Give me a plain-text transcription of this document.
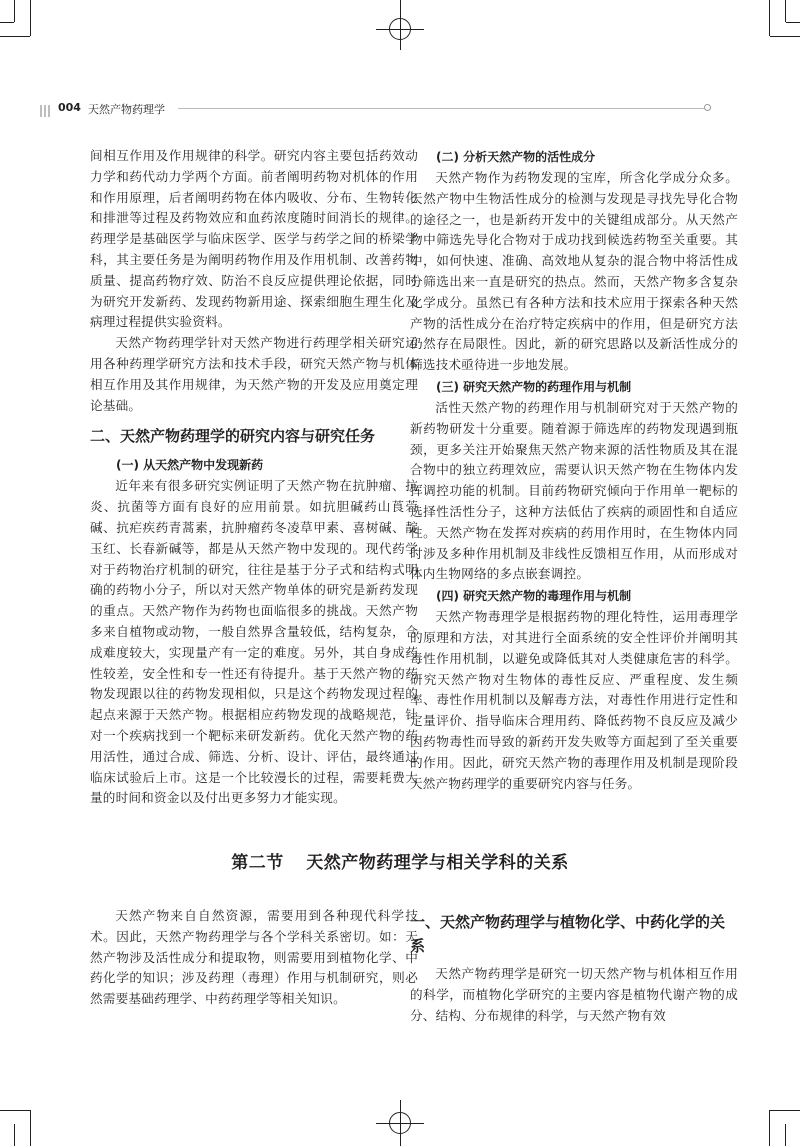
004 天然产物药理学

间相互作用及作用规律的科学。研究内容主要包括药效动力学和药代动力学两个方面。前者阐明药物对机体的作用和作用原理，后者阐明药物在体内吸收、分布、生物转化和排泄等过程及药物效应和血药浓度随时间消长的规律。药理学是基础医学与临床医学、医学与药学之间的桥梁学科，其主要任务是为阐明药物作用及作用机制、改善药物质量、提高药物疗效、防治不良反应提供理论依据，同时为研究开发新药、发现药物新用途、探索细胞生理生化及病理过程提供实验资料。

天然产物药理学针对天然产物进行药理学相关研究运用各种药理学研究方法和技术手段，研究天然产物与机体相互作用及其作用规律，为天然产物的开发及应用奠定理论基础。

二、天然产物药理学的研究内容与研究任务
(一) 从天然产物中发现新药

近年来有很多研究实例证明了天然产物在抗肿瘤、抗炎、抗菌等方面有良好的应用前景。如抗胆碱药山莨菪碱、抗疟疾药青蒿素，抗肿瘤药冬凌草甲素、喜树碱、靛玉红、长春新碱等，都是从天然产物中发现的。现代药学对于药物治疗机制的研究，往往是基于分子式和结构式明确的药物小分子，所以对天然产物单体的研究是新药发现的重点。天然产物作为药物也面临很多的挑战。天然产物多来自植物或动物，一般自然界含量较低，结构复杂，合成难度较大，实现量产有一定的难度。另外，其自身成药性较差，安全性和专一性还有待提升。基于天然产物的药物发现跟以往的药物发现相似，只是这个药物发现过程的起点来源于天然产物。根据相应药物发现的战略规范，针对一个疾病找到一个靶标来研发新药。优化天然产物的药用活性，通过合成、筛选、分析、设计、评估，最终通过临床试验后上市。这是一个比较漫长的过程，需要耗费大量的时间和资金以及付出更多努力才能实现。

(二) 分析天然产物的活性成分

天然产物作为药物发现的宝库，所含化学成分众多。天然产物中生物活性成分的检测与发现是寻找先导化合物的途径之一，也是新药开发中的关键组成部分。从天然产物中筛选先导化合物对于成功找到候选药物至关重要。其中，如何快速、准确、高效地从复杂的混合物中将活性成分筛选出来一直是研究的热点。然而，天然产物多含复杂化学成分。虽然已有各种方法和技术应用于探索各种天然产物的活性成分在治疗特定疾病中的作用，但是研究方法仍然存在局限性。因此，新的研究思路以及新活性成分的筛选技术亟待进一步地发展。

(三) 研究天然产物的药理作用与机制

活性天然产物的药理作用与机制研究对于天然产物的新药物研发十分重要。随着源于筛选库的药物发现遇到瓶颈，更多关注开始聚焦天然产物来源的活性物质及其在混合物中的独立药理效应，需要认识天然产物在生物体内发挥调控功能的机制。目前药物研究倾向于作用单一靶标的选择性活性分子，这种方法低估了疾病的顽固性和自适应性。天然产物在发挥对疾病的药用作用时，在生物体内同时涉及多种作用机制及非线性反馈相互作用，从而形成对体内生物网络的多点嵌套调控。

(四) 研究天然产物的毒理作用与机制

天然产物毒理学是根据药物的理化特性，运用毒理学的原理和方法，对其进行全面系统的安全性评价并阐明其毒性作用机制，以避免或降低其对人类健康危害的科学。研究天然产物对生物体的毒性反应、严重程度、发生频率、毒性作用机制以及解毒方法，对毒性作用进行定性和定量评价、指导临床合理用药、降低药物不良反应及减少因药物毒性而导致的新药开发失败等方面起到了至关重要的作用。因此，研究天然产物的毒理作用及机制是现阶段天然产物药理学的重要研究内容与任务。

第二节 天然产物药理学与相关学科的关系

天然产物来自自然资源，需要用到各种现代科学技术。因此，天然产物药理学与各个学科关系密切。如：天然产物涉及活性成分和提取物，则需要用到植物化学、中药化学的知识；涉及药理（毒理）作用与机制研究，则必然需要基础药理学、中药药理学等相关知识。

一、天然产物药理学与植物化学、中药化学的关系

天然产物药理学是研究一切天然产物与机体相互作用的科学，而植物化学研究的主要内容是植物代谢产物的成分、结构、分布规律的科学，与天然产物有效
